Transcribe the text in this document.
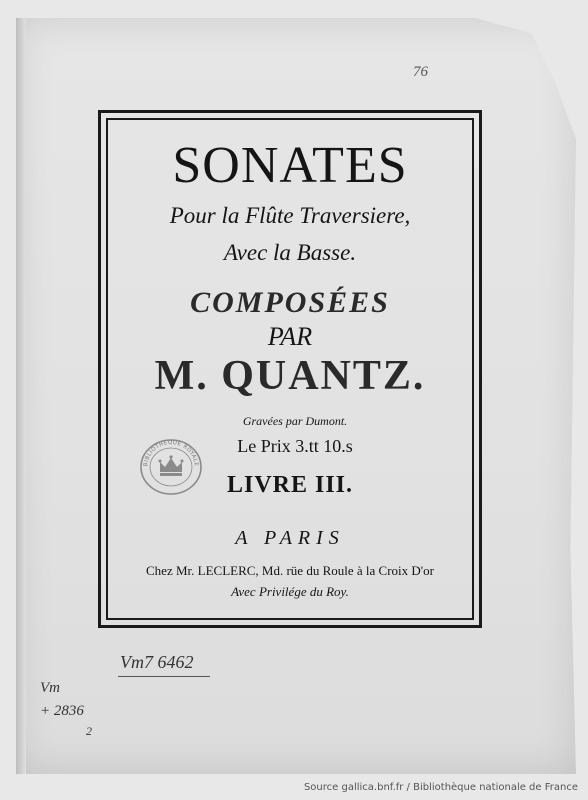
76
SONATES
Pour la Flûte Traversiere,
Avec la Basse.
COMPOSÉES
PAR
M. QUANTZ.
Gravées par Dumont.
Le Prix 3.tt 10.s
LIVRE III.
A PARIS
Chez Mr. LECLERC, Md. rüe du Roule à la Croix D'or
Avec Privilége du Roy.
BIBLIOTHEQUE ROYALE
Vm7 6462
Vm
+ 2836
2
Source gallica.bnf.fr / Bibliothèque nationale de France
